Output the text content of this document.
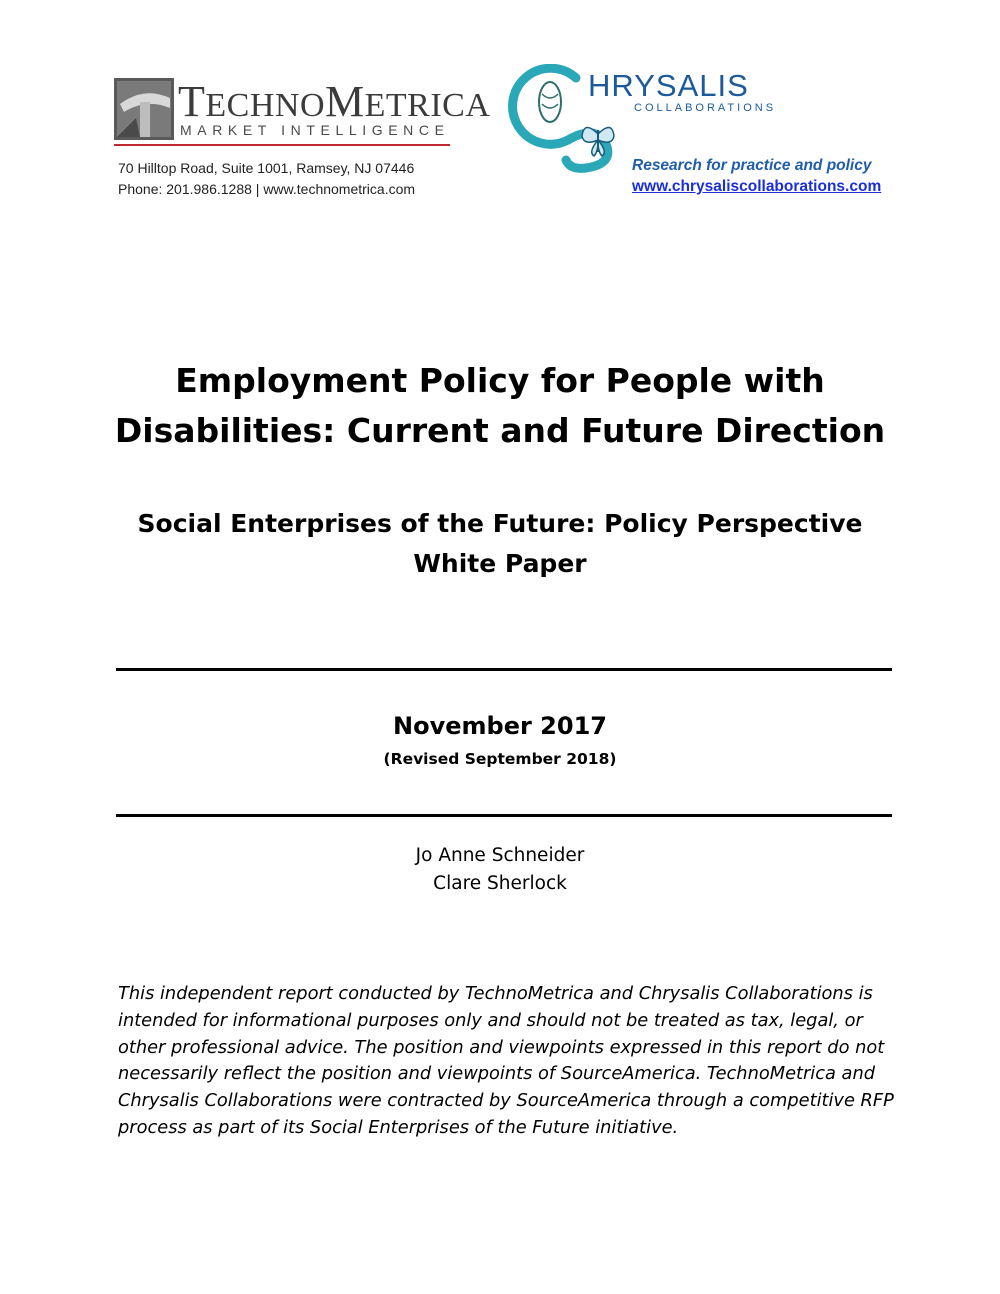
TECHNOMETRICA
MARKET INTELLIGENCE
70 Hilltop Road, Suite 1001, Ramsey, NJ 07446
Phone: 201.986.1288 | www.technometrica.com
HRYSALIS
COLLABORATIONS
Research for practice and policy
www.chrysaliscollaborations.com
Employment Policy for People with
Disabilities: Current and Future Direction
Social Enterprises of the Future: Policy Perspective
White Paper
November 2017
(Revised September 2018)
Jo Anne Schneider
Clare Sherlock
This independent report conducted by TechnoMetrica and Chrysalis Collaborations is
intended for informational purposes only and should not be treated as tax, legal, or
other professional advice. The position and viewpoints expressed in this report do not
necessarily reflect the position and viewpoints of SourceAmerica. TechnoMetrica and
Chrysalis Collaborations were contracted by SourceAmerica through a competitive RFP
process as part of its Social Enterprises of the Future initiative.
